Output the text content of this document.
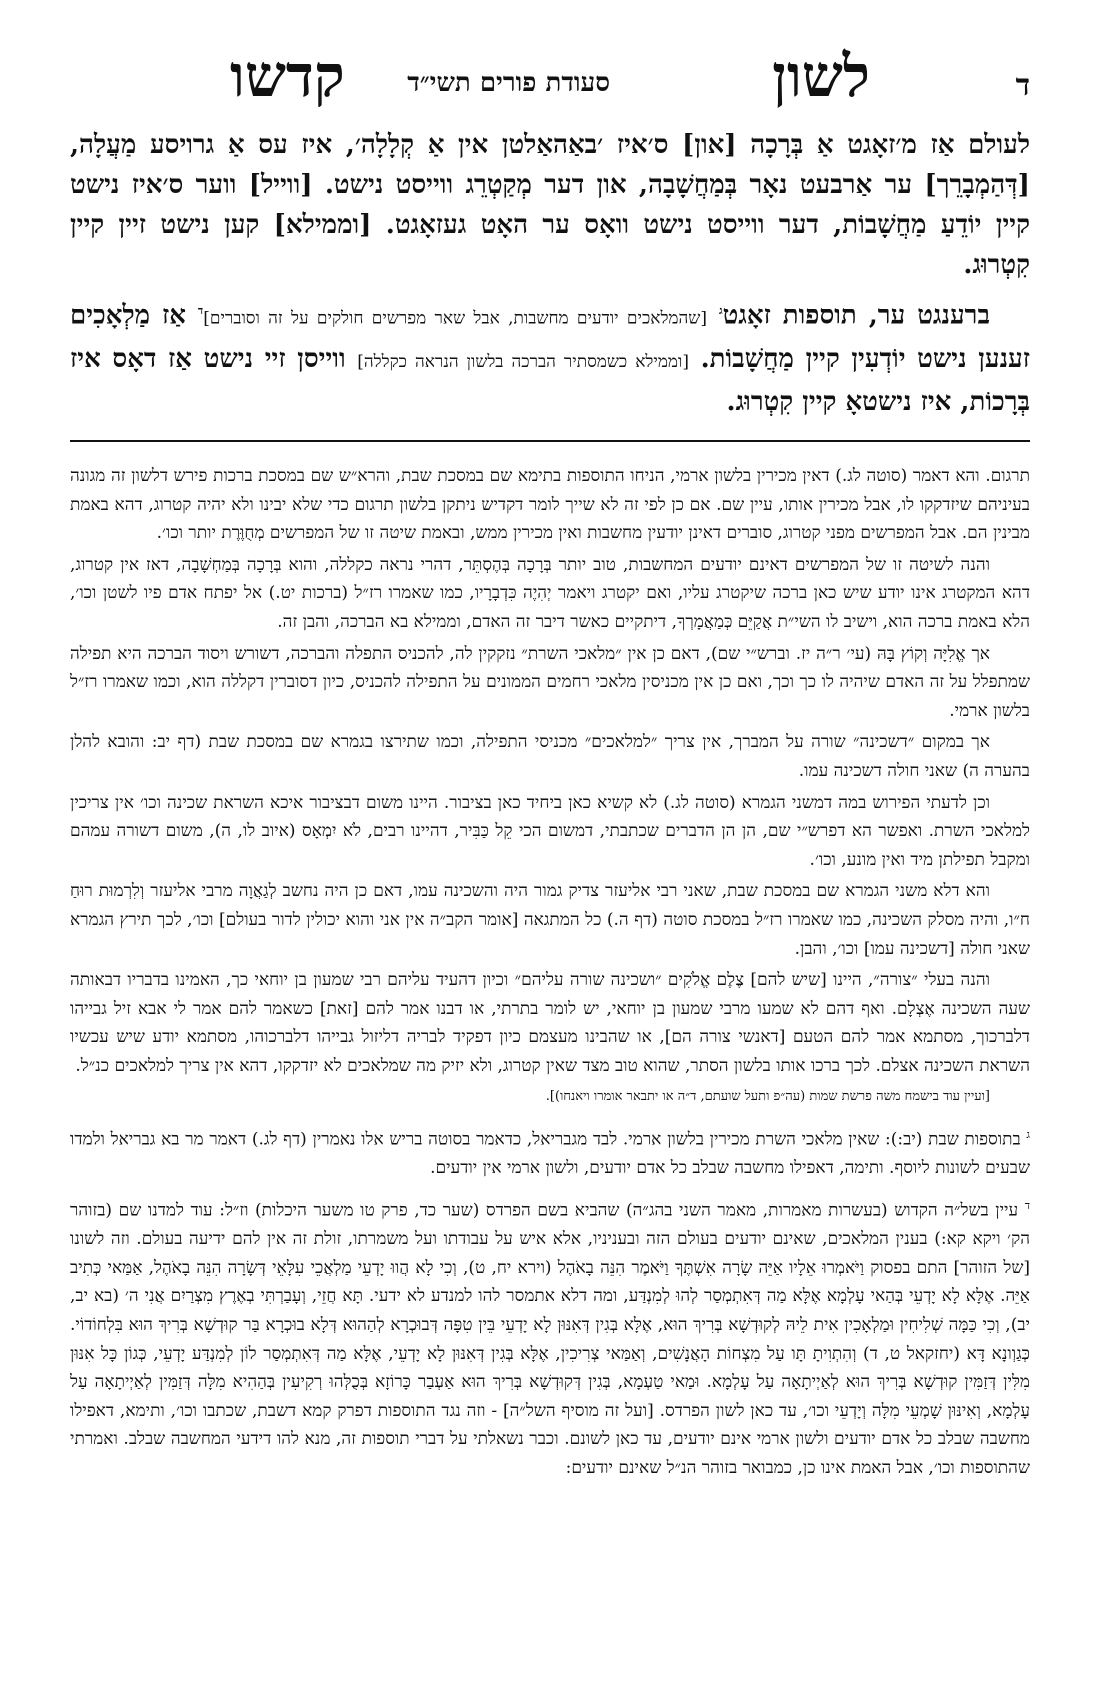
ד
לשון
סעודת פורים תשי״ד
קדשו

לעולם אַז מ׳זאָגט אַ בְּרָכָה [און] ס׳איז ׳באַהאַלטן אין אַ קְלָלָה׳, איז עס אַ גרויסע מַעֲלָה, [דְּהַמְבָרֵך] ער אַרבעט נאָר בְּמַחֲשָׁבָה, און דער מְקַטְרֵג ווייסט נישט. [ווייל] ווער ס׳איז נישט קיין יוֹדֵעַ מַחֲשָׁבוֹת, דער ווייסט נישט וואָס ער האָט געזאָגט. [וממילא] קען נישט זיין קיין קִטְרוּג.

ברענגט ער, תוספות זאָגט$^ג$ [שהמלאכים יודעים מחשבות, אבל שאר מפרשים חולקים על זה וסוברים]$^ד$ אַז מַלְאָכִים זענען נישט יוֹדְעִין קיין מַחֲשָׁבוֹת. [וממילא כשמסתיר הברכה בלשון הנראה כקללה] ווייסן זיי נישט אַז דאָס איז בְּרָכוֹת, איז נישטאָ קיין קִטְרוּג.

תרגום. והא דאמר (סוטה לג.) דאין מכירין בלשון ארמי, הניחו התוספות בתימא שם במסכת שבת, והרא״ש שם במסכת ברכות פירש דלשון זה מגונה בעיניהם שיזדקקו לו, אבל מכירין אותו, עיין שם. אם כן לפי זה לא שייך לומר דקדיש ניתקן בלשון תרגום כדי שלא יבינו ולא יהיה קטרוג, דהא באמת מבינין הם. אבל המפרשים מפני קטרוג, סוברים דאינן יודעין מחשבות ואין מכירין ממש, ובאמת שיטה זו של המפרשים מְחֻוֶּרֶת יותר וכו׳.

והנה לשיטה זו של המפרשים דאינם יודעים המחשבות, טוב יותר בְּרָכָה בְּהֶסְתֵּר, דהרי נראה כקללה, והוא בְּרָכָה בְּמַחְשָׁבָה, דאז אין קטרוג, דהא המקטרג אינו יודע שיש כאן ברכה שיקטרג עליו, ואם יקטרג ויאמר יְהִיֶה כִּדְבָרָיו, כמו שאמרו רז״ל (ברכות יט.) אל יפתח אדם פיו לשטן וכו׳, הלא באמת ברכה הוא, וישיב לו השי״ת אֲקַיֵּם כְּמַאֲמָרְךָ, דיתקיים כאשר דיבר זה האדם, וממילא בא הברכה, והבן זה.

אך אֱלִיָּה וְקוֹץ בָּהּ (עי׳ ר״ה יז. וברש״י שם), דאם כן אין ״מלאכי השרת״ נזקקין לה, להכניס התפלה והברכה, דשורש ויסוד הברכה היא תפילה שמתפלל על זה האדם שיהיה לו כך וכך, ואם כן אין מכניסין מלאכי רחמים הממונים על התפילה להכניס, כיון דסוברין דקללה הוא, וכמו שאמרו רז״ל בלשון ארמי.

אך במקום ״דשכינה״ שורה על המברך, אין צריך ״למלאכים״ מכניסי התפילה, וכמו שתירצו בגמרא שם במסכת שבת (דף יב: והובא להלן בהערה ה) שאני חולה דשכינה עמו.

וכן לדעתי הפירוש במה דמשני הגמרא (סוטה לג.) לא קשיא כאן ביחיד כאן בציבור. היינו משום דבציבור איכא השראת שכינה וכו׳ אין צריכין למלאכי השרת. ואפשר הא דפרש״י שם, הן הן הדברים שכתבתי, דמשום הכי קֵל כַּבִּיר, דהיינו רבים, לֹא יִמְאָס (איוב לו, ה), משום דשורה עמהם ומקבל תפילתן מיד ואין מונע, וכו׳.

והא דלא משני הגמרא שם במסכת שבת, שאני רבי אליעזר צדיק גמור היה והשכינה עמו, דאם כן היה נחשב לְגַאֲוָה מרבי אליעזר וְלִרְמוּת רוּחַ ח״ו, והיה מסלק השכינה, כמו שאמרו רז״ל במסכת סוטה (דף ה.) כל המתגאה [אומר הקב״ה אין אני והוא יכולין לדור בעולם] וכו׳, לכך תירץ הגמרא שאני חולה [דשכינה עמו] וכו׳, והבן.

והנה בעלי ״צורה״, היינו [שיש להם] צֶלֶם אֱלֹקִים ״ושכינה שורה עליהם״ וכיון דהעיד עליהם רבי שמעון בן יוחאי כך, האמינו בדבריו דבאותה שעה השכינה אֶצְלָם. ואף דהם לא שמעו מרבי שמעון בן יוחאי, יש לומר בתרתי, או דבנו אמר להם [זאת] כשאמר להם אמר לי אבא זיל גבייהו דלברכוך, מסתמא אמר להם הטעם [דאנשי צורה הם], או שהבינו מעצמם כיון דפקיד לבריה דליזול גבייהו דלברכוהו, מסתמא יודע שיש עכשיו השראת השכינה אצלם. לכך ברכו אותו בלשון הסתר, שהוא טוב מצד שאין קטרוג, ולא יזיק מה שמלאכים לא יזדקקו, דהא אין צריך למלאכים כנ״ל.

[ועיין עוד בישמח משה פרשת שמות (עה״פ ותעל שועתם, ד״ה או יתבאר אומרו ויאנחו)].

$^ג$ בתוספות שבת (יב:): שאין מלאכי השרת מכירין בלשון ארמי. לבד מגבריאל, כדאמר בסוטה בריש אלו נאמרין (דף לג.) דאמר מר בא גבריאל ולמדו שבעים לשונות ליוסף. ותימה, דאפילו מחשבה שבלב כל אדם יודעים, ולשון ארמי אין יודעים.

$^ד$ עיין בשל״ה הקדוש (בעשרות מאמרות, מאמר השני בהג״ה) שהביא בשם הפרדס (שער כד, פרק טו משער היכלות) וז״ל: עוד למדנו שם (בזוהר הק׳ ויקא קא:) בענין המלאכים, שאינם יודעים בעולם הזה ובעניניו, אלא איש על עבודתו ועל משמרתו, זולת זה אין להם ידיעה בעולם. וזה לשונו [של הזוהר] התם בפסוק וַיֹּאמְרוּ אֵלָיו אַיֵּה שָׂרָה אִשְׁתֶּךָ וַיֹּאמֶר הִנֵּה בָאֹהֶל (וירא יח, ט), וְכִי לָא הֲווּ יָדְעֵי מַלְאֲכֵי עִלָּאֵי דְּשָׂרָה הִנֵּה בָאֹהֶל, אַמַּאי כְּתִיב אַיֵּה. אֶלָּא לָא יָדְעֵי בְּהַאי עָלְמָא אֶלָּא מַה דְּאִתְמְסַר לְהוּ לְמִנְדַּע, ומה דלא אתמסר להו למנדע לא ידעי. תָּא חֲזֵי, וְעָבַרְתִּי בְאֶרֶץ מִצְרַיִם אֲנִי ה׳ (בא יב, יב), וְכִי כַּמָּה שְׁלִיחִין וּמַלְאָכִין אִית לֵיהּ לְקוּדְשָׁא בְּרִיךְ הוּא, אֶלָּא בְּגִין דְּאִנּוּן לָא יָדְעֵי בֵּין טִפָּה דְּבוּכְרָא לְהַהוּא דְּלָא בוּכְרָא בַּר קוּדְשָׁא בְּרִיךְ הוּא בִּלְחוֹדוֹי. כְּגַוְונָא דָּא (יחזקאל ט, ד) וְהִתְוִיתָ תָּו עַל מִצְחוֹת הָאֲנָשִׁים, וְאַמַּאי צְרִיכִין, אֶלָּא בְּגִין דְּאִנּוּן לָא יָדְעֵי, אֶלָּא מַה דְּאִתְמְסַר לוֹן לְמִנְדַּע יָדְעֵי, כְּגוֹן כָּל אִנּוּן מִלִּין דְּזַמִּין קוּדְשָׁא בְּרִיךְ הוּא לְאַיְיתָאָה עַל עָלְמָא. וּמַאי טַעְמָא, בְּגִין דְּקוּדְשָׁא בְּרִיךְ הוּא אַעְבַר כָּרוֹזָא בְּכֻלְּהוּ רְקִיעִין בְּהַהִיא מִלָּה דְּזַמִּין לְאַיְיתָאָה עַל עָלְמָא, וְאִינּוּן שָׁמְעֵי מִלָּה וְיָדְעֵי וכו׳, עד כאן לשון הפרדס. [ועל זה מוסיף השל״ה] - וזה נגד התוספות דפרק קמא דשבת, שכתבו וכו׳, ותימא, דאפילו מחשבה שבלב כל אדם יודעים ולשון ארמי אינם יודעים, עד כאן לשונם. וכבר נשאלתי על דברי תוספות זה, מנא להו דידעי המחשבה שבלב. ואמרתי שהתוספות וכו׳, אבל האמת אינו כן, כמבואר בזוהר הנ״ל שאינם יודעים:
